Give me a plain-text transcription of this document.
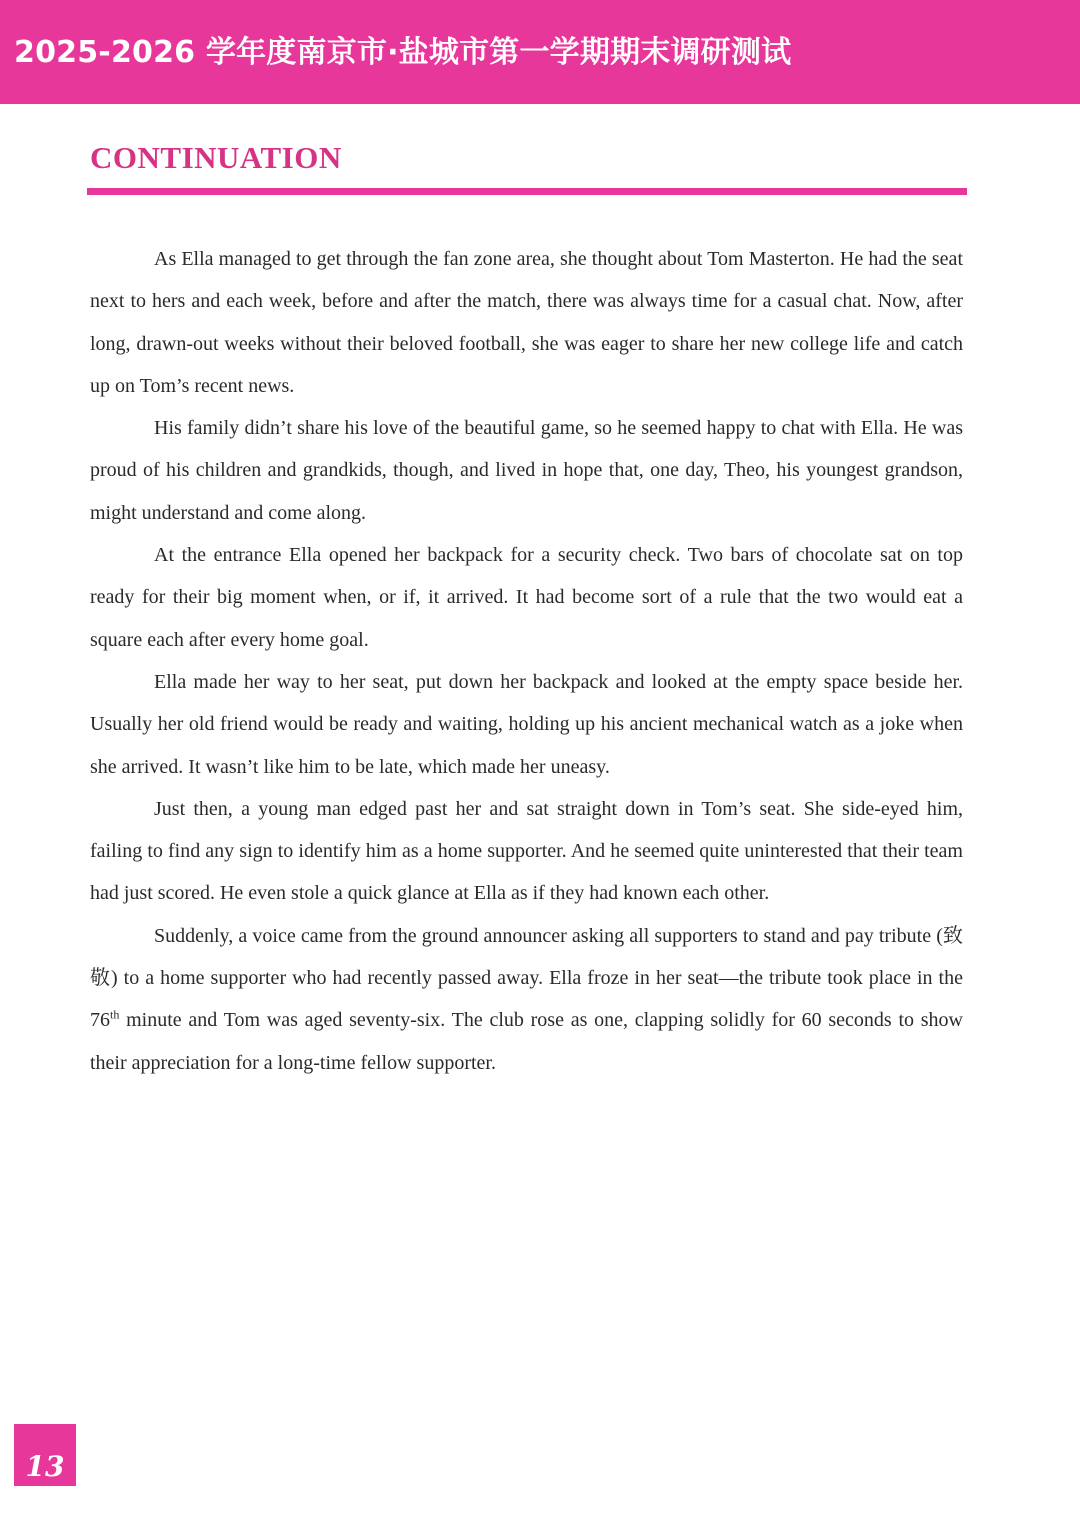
2025-2026 学年度南京市·盐城市第一学期期末调研测试
CONTINUATION

As Ella managed to get through the fan zone area, she thought about Tom Masterton. He had the seat next to hers and each week, before and after the match, there was always time for a casual chat. Now, after long, drawn-out weeks without their beloved football, she was eager to share her new college life and catch up on Tom’s recent news.

His family didn’t share his love of the beautiful game, so he seemed happy to chat with Ella. He was proud of his children and grandkids, though, and lived in hope that, one day, Theo, his youngest grandson, might understand and come along.

At the entrance Ella opened her backpack for a security check. Two bars of chocolate sat on top ready for their big moment when, or if, it arrived. It had become sort of a rule that the two would eat a square each after every home goal.

Ella made her way to her seat, put down her backpack and looked at the empty space beside her. Usually her old friend would be ready and waiting, holding up his ancient mechanical watch as a joke when she arrived. It wasn’t like him to be late, which made her uneasy.

Just then, a young man edged past her and sat straight down in Tom’s seat. She side-eyed him, failing to find any sign to identify him as a home supporter. And he seemed quite uninterested that their team had just scored. He even stole a quick glance at Ella as if they had known each other.

Suddenly, a voice came from the ground announcer asking all supporters to stand and pay tribute (致敬) to a home supporter who had recently passed away. Ella froze in her seat—the tribute took place in the 76th minute and Tom was aged seventy-six. The club rose as one, clapping solidly for 60 seconds to show their appreciation for a long-time fellow supporter.

13
